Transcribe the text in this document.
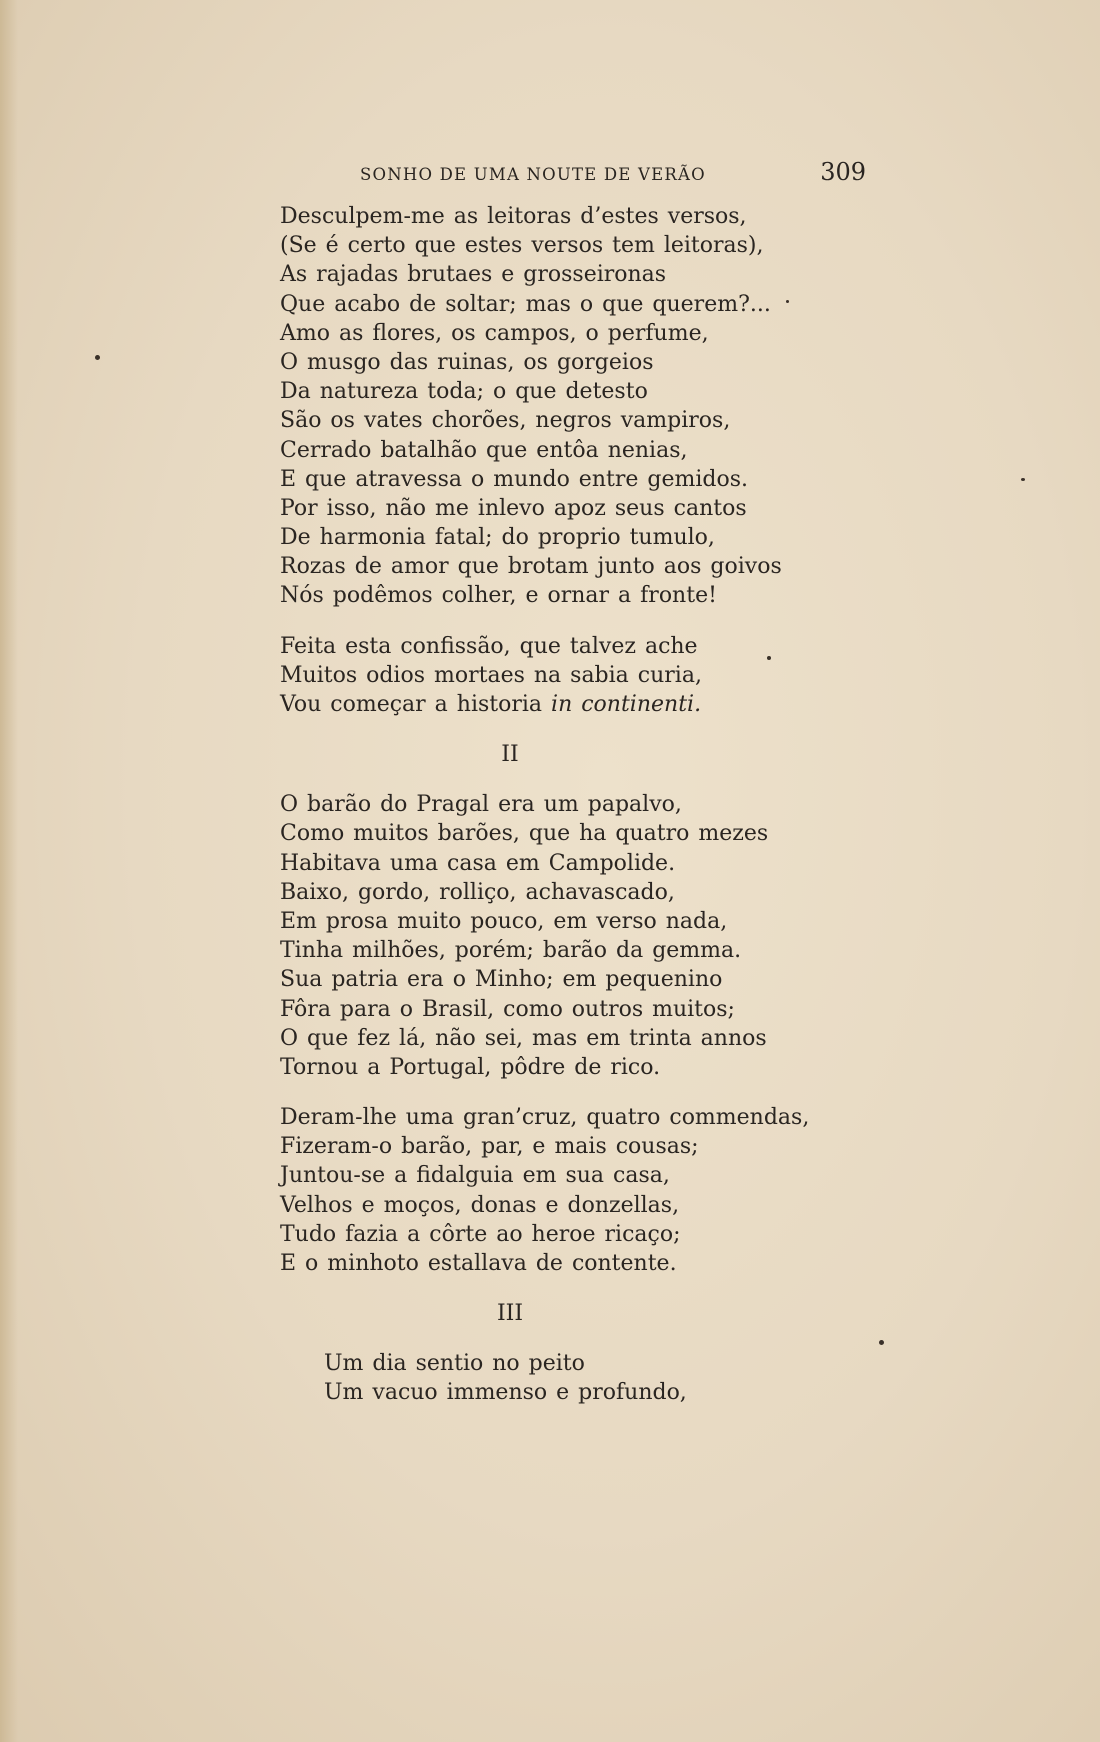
SONHO DE UMA NOUTE DE VERÃO	309
Desculpem-me as leitoras d’estes versos,
(Se é certo que estes versos tem leitoras),
As rajadas brutaes e grosseironas
Que acabo de soltar; mas o que querem?...
Amo as flores, os campos, o perfume,
O musgo das ruinas, os gorgeios
Da natureza toda; o que detesto
São os vates chorões, negros vampiros,
Cerrado batalhão que entôa nenias,
E que atravessa o mundo entre gemidos.
Por isso, não me inlevo apoz seus cantos
De harmonia fatal; do proprio tumulo,
Rozas de amor que brotam junto aos goivos
Nós podêmos colher, e ornar a fronte!
Feita esta confissão, que talvez ache
Muitos odios mortaes na sabia curia,
Vou começar a historia in continenti.
II
O barão do Pragal era um papalvo,
Como muitos barões, que ha quatro mezes
Habitava uma casa em Campolide.
Baixo, gordo, rolliço, achavascado,
Em prosa muito pouco, em verso nada,
Tinha milhões, porém; barão da gemma.
Sua patria era o Minho; em pequenino
Fôra para o Brasil, como outros muitos;
O que fez lá, não sei, mas em trinta annos
Tornou a Portugal, pôdre de rico.
Deram-lhe uma gran’cruz, quatro commendas,
Fizeram-o barão, par, e mais cousas;
Juntou-se a fidalguia em sua casa,
Velhos e moços, donas e donzellas,
Tudo fazia a côrte ao heroe ricaço;
E o minhoto estallava de contente.
III
Um dia sentio no peito
Um vacuo immenso e profundo,
